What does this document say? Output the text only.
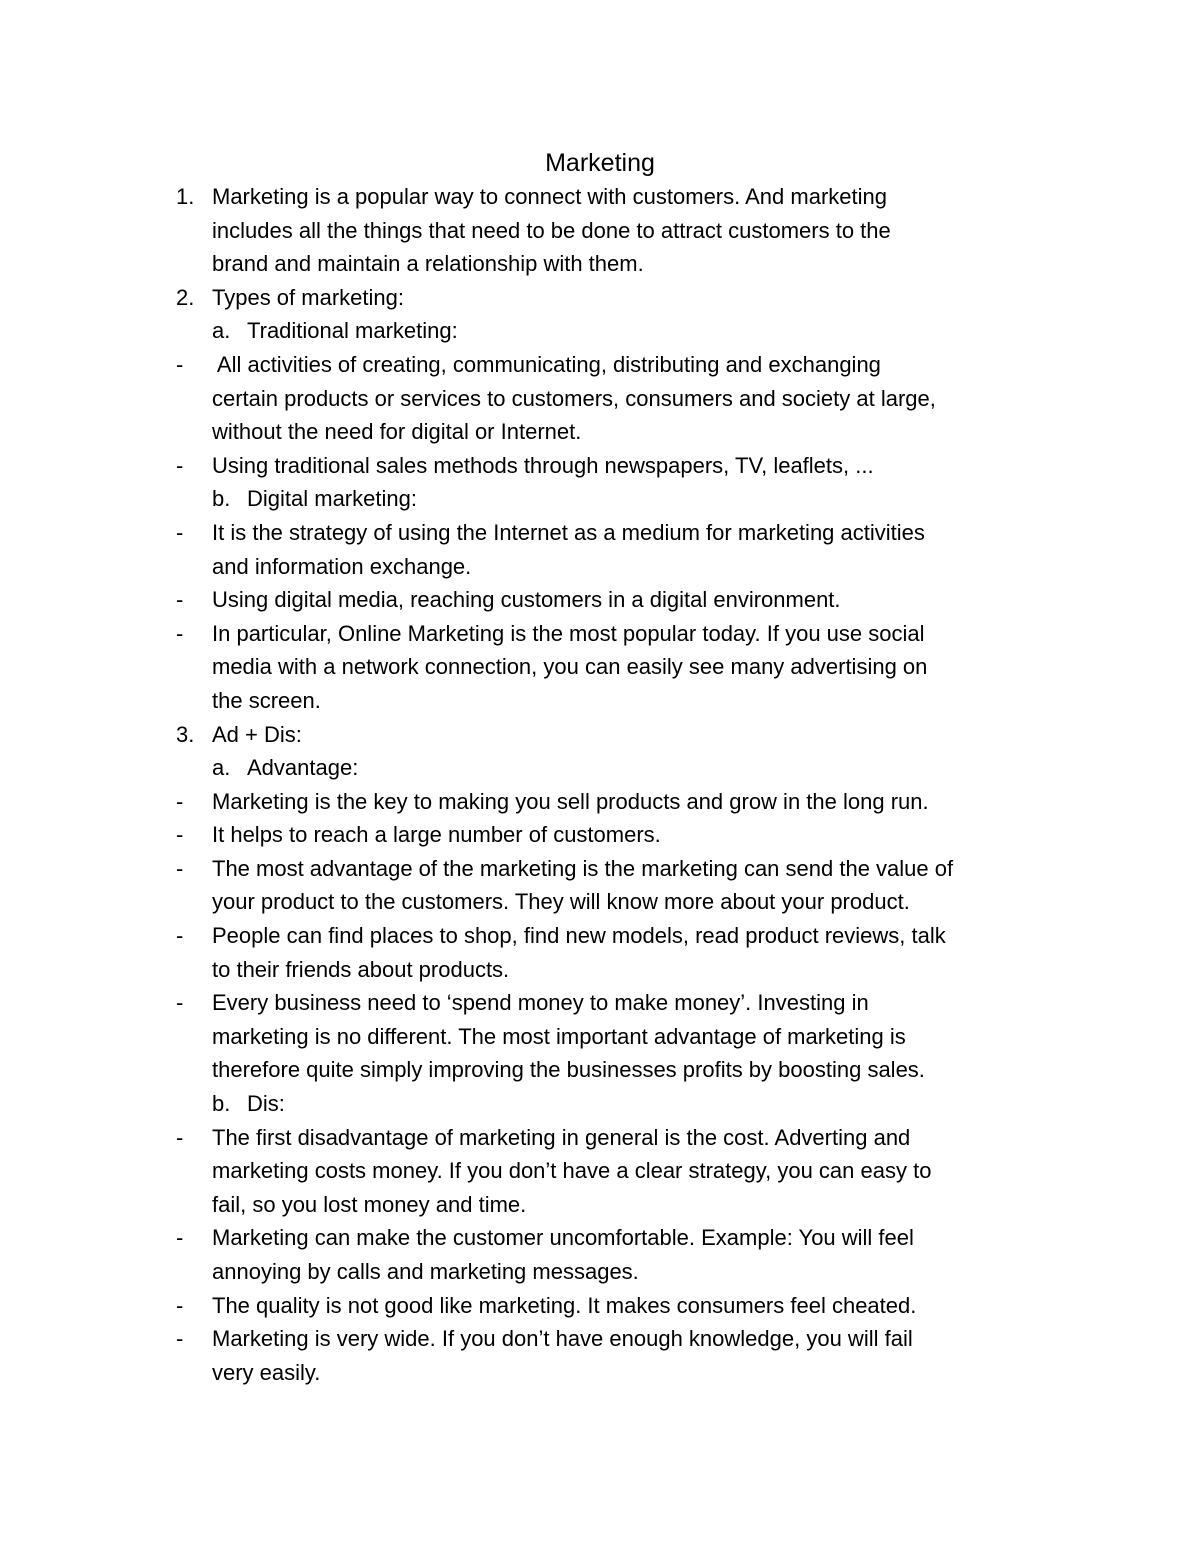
Marketing
1. Marketing is a popular way to connect with customers. And marketing
includes all the things that need to be done to attract customers to the
brand and maintain a relationship with them.
2. Types of marketing:
a. Traditional marketing:
- All activities of creating, communicating, distributing and exchanging
certain products or services to customers, consumers and society at large,
without the need for digital or Internet.
- Using traditional sales methods through newspapers, TV, leaflets, ...
b. Digital marketing:
- It is the strategy of using the Internet as a medium for marketing activities
and information exchange.
- Using digital media, reaching customers in a digital environment.
- In particular, Online Marketing is the most popular today. If you use social
media with a network connection, you can easily see many advertising on
the screen.
3. Ad + Dis:
a. Advantage:
- Marketing is the key to making you sell products and grow in the long run.
- It helps to reach a large number of customers.
- The most advantage of the marketing is the marketing can send the value of
your product to the customers. They will know more about your product.
- People can find places to shop, find new models, read product reviews, talk
to their friends about products.
- Every business need to ‘spend money to make money’. Investing in
marketing is no different. The most important advantage of marketing is
therefore quite simply improving the businesses profits by boosting sales.
b. Dis:
- The first disadvantage of marketing in general is the cost. Adverting and
marketing costs money. If you don’t have a clear strategy, you can easy to
fail, so you lost money and time.
- Marketing can make the customer uncomfortable. Example: You will feel
annoying by calls and marketing messages.
- The quality is not good like marketing. It makes consumers feel cheated.
- Marketing is very wide. If you don’t have enough knowledge, you will fail
very easily.
